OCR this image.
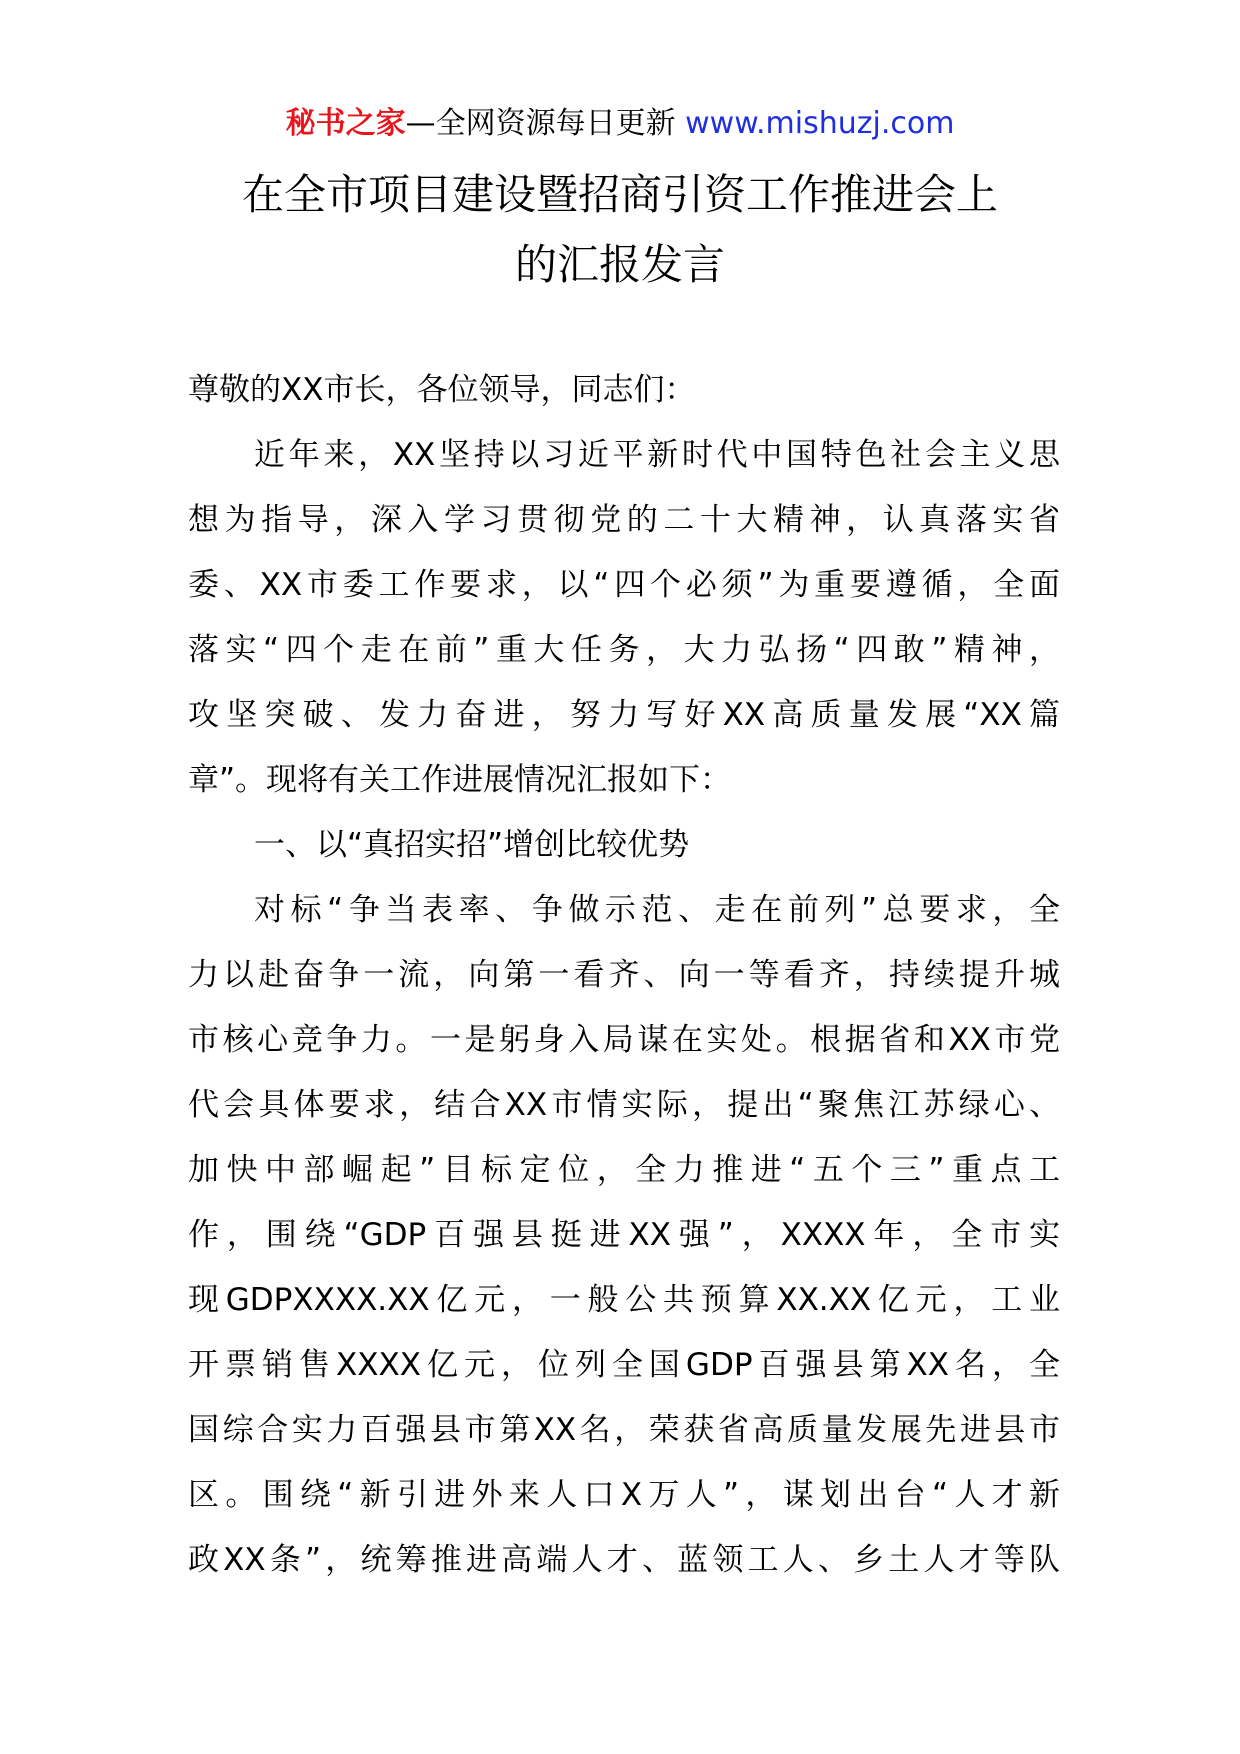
秘书之家—全网资源每日更新 www.mishuzj.com
在全市项目建设暨招商引资工作推进会上
的汇报发言
尊敬的XX市长，各位领导，同志们：
近年来，XX坚持以习近平新时代中国特色社会主义思
想为指导，深入学习贯彻党的二十大精神，认真落实省
委、XX市委工作要求，以“四个必须”为重要遵循，全面
落实“四个走在前”重大任务，大力弘扬“四敢”精神，
攻坚突破、发力奋进，努力写好XX高质量发展“XX篇
章”。现将有关工作进展情况汇报如下：
一、以“真招实招”增创比较优势
对标“争当表率、争做示范、走在前列”总要求，全
力以赴奋争一流，向第一看齐、向一等看齐，持续提升城
市核心竞争力。一是躬身入局谋在实处。根据省和XX市党
代会具体要求，结合XX市情实际，提出“聚焦江苏绿心、
加快中部崛起”目标定位，全力推进“五个三”重点工
作，围绕“GDP百强县挺进XX强”，XXXX年，全市实
现GDPXXXX.XX亿元，一般公共预算XX.XX亿元，工业
开票销售XXXX亿元，位列全国GDP百强县第XX名，全
国综合实力百强县市第XX名，荣获省高质量发展先进县市
区。围绕“新引进外来人口X万人”，谋划出台“人才新
政XX条”，统筹推进高端人才、蓝领工人、乡土人才等队
